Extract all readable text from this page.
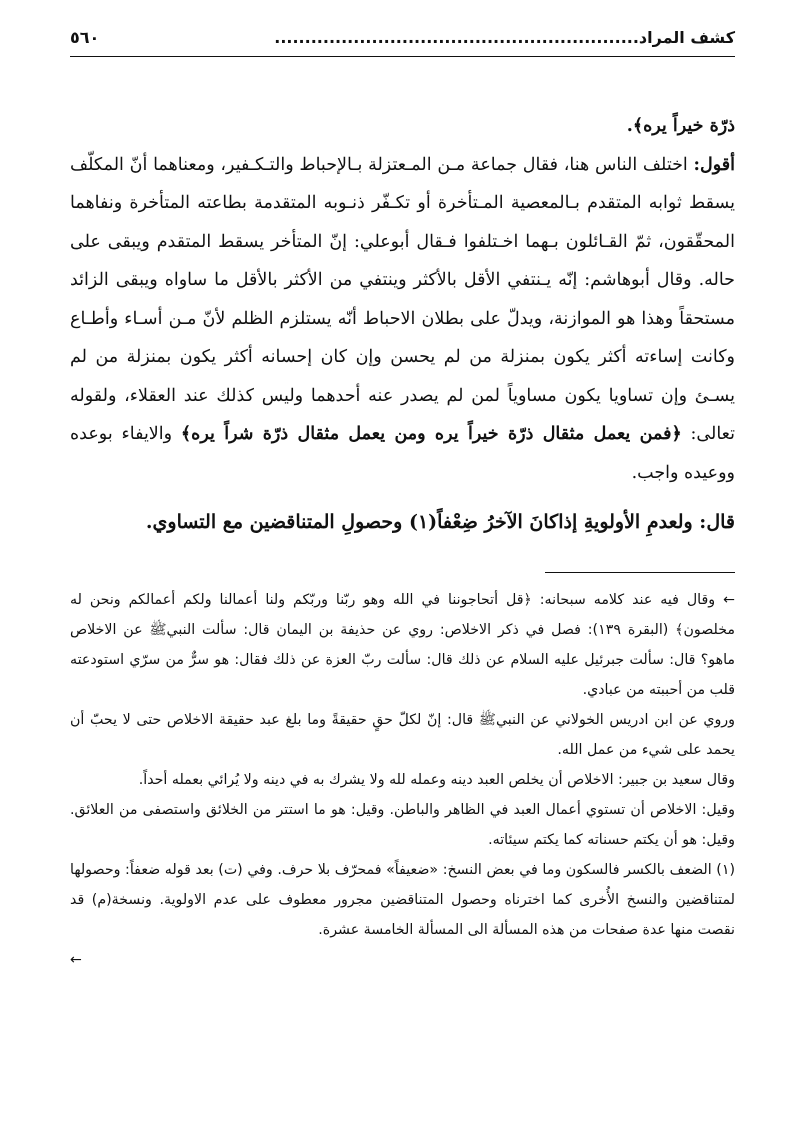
كشف المراد............................................................
٥٦٠

ذرّة خيراً يره﴾.

أقول: اختلف الناس هنا، فقال جماعة مـن المـعتزلة بـالإحباط والتـكـفير، ومعناهما أنّ المكلّف يسقط ثوابه المتقدم بـالمعصية المـتأخرة أو تكـفّر ذنـوبه المتقدمة بطاعته المتأخرة ونفاهما المحقّقون، ثمّ القـائلون بـهما اخـتلفوا فـقال أبوعلي: إنّ المتأخر يسقط المتقدم ويبقى على حاله. وقال أبوهاشم: إنّه يـنتفي الأقل بالأكثر وينتفي من الأكثر بالأقل ما ساواه ويبقى الزائد مستحقاً وهذا هو الموازنة، ويدلّ على بطلان الاحباط أنّه يستلزم الظلم لأنّ مـن أسـاء وأطـاع وكانت إساءته أكثر يكون بمنزلة من لم يحسن وإن كان إحسانه أكثر يكون بمنزلة من لم يسـئ وإن تساويا يكون مساوياً لمن لم يصدر عنه أحدهما وليس كذلك عند العقلاء، ولقوله تعالى: ﴿فمن يعمل مثقال ذرّة خيراً يره ومن يعمل مثقال ذرّة شراً يره﴾ والايفاء بوعده ووعيده واجب.

قال: ولعدمِ الأولويةِ إذاكانَ الآخرُ ضِعْفاً(١) وحصولِ المتناقضين مع التساوي.

← وقال فيه عند كلامه سبحانه: ﴿قل أتحاجوننا في الله وهو ربّنا وربّكم ولنا أعمالنا ولكم أعمالكم ونحن له مخلصون﴾ (البقرة ١٣٩): فصل في ذكر الاخلاص: روي عن حذيفة بن اليمان قال: سألت النبيﷺ عن الاخلاص ماهو؟ قال: سألت جبرئيل عليه السلام عن ذلك قال: سألت ربّ العزة عن ذلك فقال: هو سرٌّ من سرّي استودعته قلب من أحببته من عبادي.

وروي عن ابن ادريس الخولاني عن النبيﷺ قال: إنّ لكلّ حقٍ حقيقةً وما بلغ عبد حقيقة الاخلاص حتى لا يحبّ أن يحمد على شيء من عمل الله.

وقال سعيد بن جبير: الاخلاص أن يخلص العبد دينه وعمله لله ولا يشرك به في دينه ولا يُرائي بعمله أحداً.

وقيل: الاخلاص أن تستوي أعمال العبد في الظاهر والباطن. وقيل: هو ما استتر من الخلائق واستصفى من العلائق. وقيل: هو أن يكتم حسناته كما يكتم سيئاته.

(١) الضعف بالكسر فالسكون وما في بعض النسخ: «ضعيفاً» فمحرّف بلا حرف. وفي (ت) بعد قوله ضعفاً: وحصولها لمتناقضين والنسخ الأُخرى كما اخترناه وحصول المتناقضين مجرور معطوف على عدم الاولوية. ونسخة(م) قد نقصت منها عدة صفحات من هذه المسألة الى المسألة الخامسة عشرة.

←
